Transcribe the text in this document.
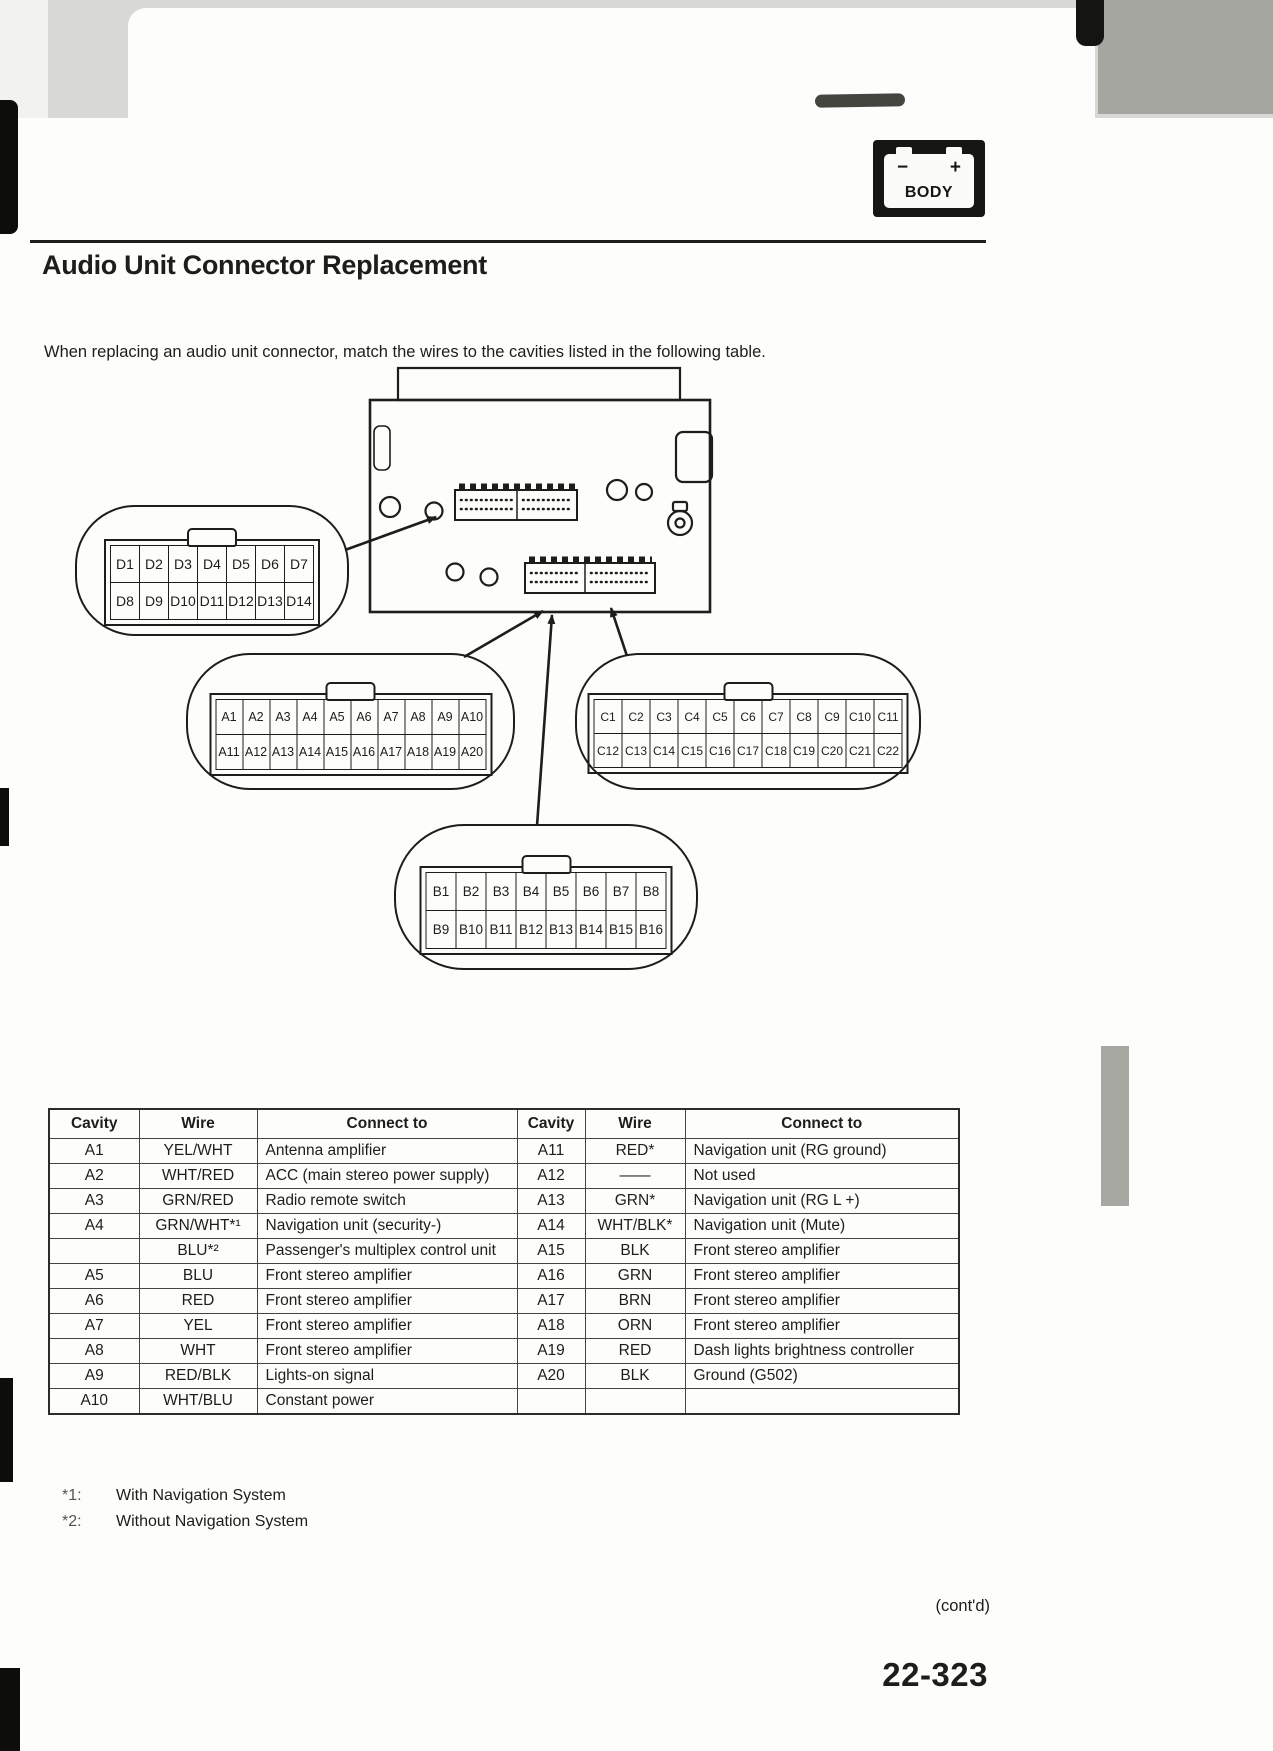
− +
BODY
Audio Unit Connector Replacement
When replacing an audio unit connector, match the wires to the cavities listed in the following table.
D1 D2 D3 D4 D5 D6 D7
D8 D9 D10 D11 D12 D13 D14
A1 A2 A3 A4 A5 A6 A7 A8 A9 A10
A11 A12 A13 A14 A15 A16 A17 A18 A19 A20
C1	C2	C3	C4	C5	C6	C7	C8	C9 C10 C11
C12 C13 C14 C15 C16 C17 C18 C19 C20 C21 C22
B1 B2 B3 B4 B5 B6 B7 B8
B9 B10 B11 B12 B13 B14 B15 B16
Cavity	Wire	Connect to	Cavity	Wire	Connect to
A1	YEL/WHT	Antenna amplifier	A11	RED*	Navigation unit (RG ground)
A2	WHT/RED	ACC (main stereo power supply)	A12	——	Not used
A3	GRN/RED	Radio remote switch	A13	GRN*	Navigation unit (RG L +)
A4	GRN/WHT*¹	Navigation unit (security-)	A14	WHT/BLK*	Navigation unit (Mute)
	BLU*²	Passenger's multiplex control unit	A15	BLK	Front stereo amplifier
A5	BLU	Front stereo amplifier	A16	GRN	Front stereo amplifier
A6	RED	Front stereo amplifier	A17	BRN	Front stereo amplifier
A7	YEL	Front stereo amplifier	A18	ORN	Front stereo amplifier
A8	WHT	Front stereo amplifier	A19	RED	Dash lights brightness controller
A9	RED/BLK	Lights-on signal	A20	BLK	Ground (G502)
A10	WHT/BLU	Constant power			
*1:	With Navigation System
*2:	Without Navigation System
(cont'd)
22-323
